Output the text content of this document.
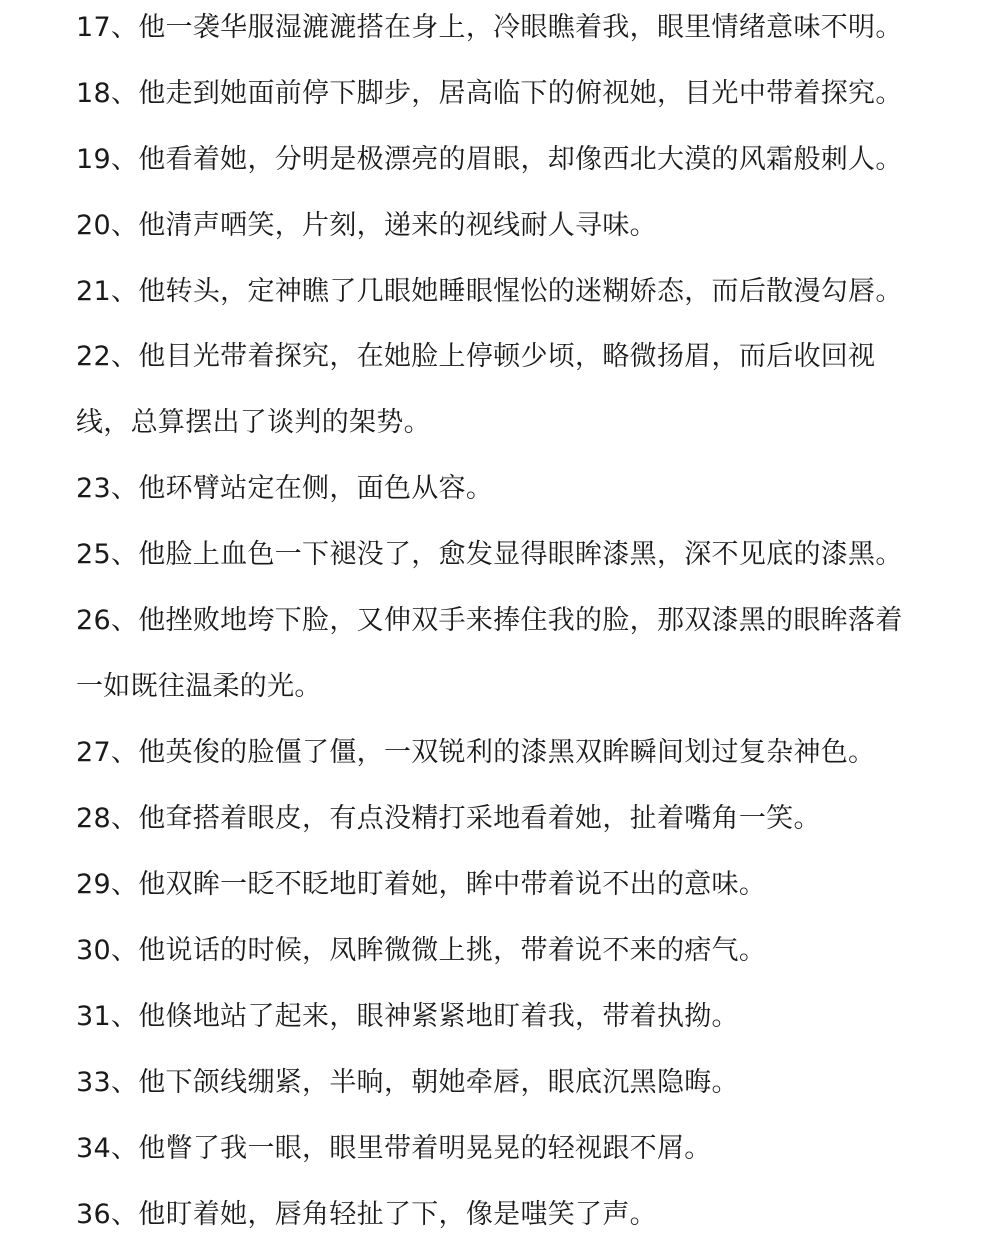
17、他一袭华服湿漉漉搭在身上，冷眼瞧着我，眼里情绪意味不明。
18、他走到她面前停下脚步，居高临下的俯视她，目光中带着探究。
19、他看着她，分明是极漂亮的眉眼，却像西北大漠的风霜般刺人。
20、他清声哂笑，片刻，递来的视线耐人寻味。
21、他转头，定神瞧了几眼她睡眼惺忪的迷糊娇态，而后散漫勾唇。
22、他目光带着探究，在她脸上停顿少顷，略微扬眉，而后收回视
线，总算摆出了谈判的架势。
23、他环臂站定在侧，面色从容。
25、他脸上血色一下褪没了，愈发显得眼眸漆黑，深不见底的漆黑。
26、他挫败地垮下脸，又伸双手来捧住我的脸，那双漆黑的眼眸落着
一如既往温柔的光。
27、他英俊的脸僵了僵，一双锐利的漆黑双眸瞬间划过复杂神色。
28、他耷搭着眼皮，有点没精打采地看着她，扯着嘴角一笑。
29、他双眸一眨不眨地盯着她，眸中带着说不出的意味。
30、他说话的时候，凤眸微微上挑，带着说不来的痞气。
31、他倏地站了起来，眼神紧紧地盯着我，带着执拗。
33、他下颌线绷紧，半晌，朝她牵唇，眼底沉黑隐晦。
34、他瞥了我一眼，眼里带着明晃晃的轻视跟不屑。
36、他盯着她，唇角轻扯了下，像是嗤笑了声。
